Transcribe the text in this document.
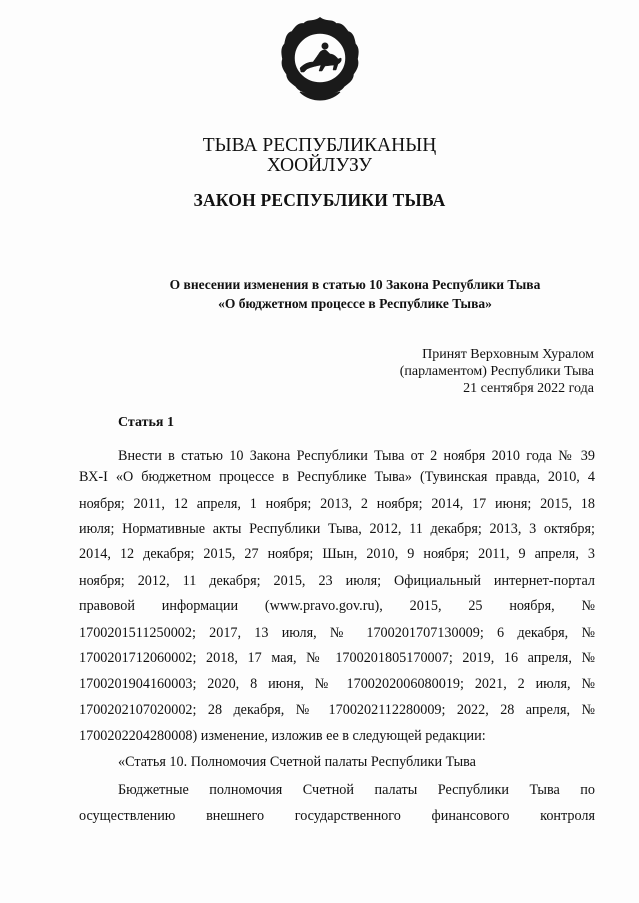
ТЫВА РЕСПУБЛИКАНЫҢ
ХООЙЛУЗУ
ЗАКОН РЕСПУБЛИКИ ТЫВА
О внесении изменения в статью 10 Закона Республики Тыва
«О бюджетном процессе в Республике Тыва»
Принят Верховным Хуралом
(парламентом) Республики Тыва
21 сентября 2022 года
Статья 1
Внести в статью 10 Закона Республики Тыва от 2 ноября 2010 года № 39
ВХ-I «О бюджетном процессе в Республике Тыва» (Тувинская правда, 2010, 4
ноября; 2011, 12 апреля, 1 ноября; 2013, 2 ноября; 2014, 17 июня; 2015, 18
июля; Нормативные акты Республики Тыва, 2012, 11 декабря; 2013, 3 октября;
2014, 12 декабря; 2015, 27 ноября; Шын, 2010, 9 ноября; 2011, 9 апреля, 3
ноября; 2012, 11 декабря; 2015, 23 июля; Официальный интернет-портал
правовой информации (www.pravo.gov.ru), 2015, 25 ноября, №
1700201511250002; 2017, 13 июля, № 1700201707130009; 6 декабря, №
1700201712060002; 2018, 17 мая, № 1700201805170007; 2019, 16 апреля, №
1700201904160003; 2020, 8 июня, № 1700202006080019; 2021, 2 июля, №
1700202107020002; 28 декабря, № 1700202112280009; 2022, 28 апреля, №
1700202204280008) изменение, изложив ее в следующей редакции:
«Статья 10. Полномочия Счетной палаты Республики Тыва
Бюджетные полномочия Счетной палаты Республики Тыва по
осуществлению внешнего государственного финансового контроля
